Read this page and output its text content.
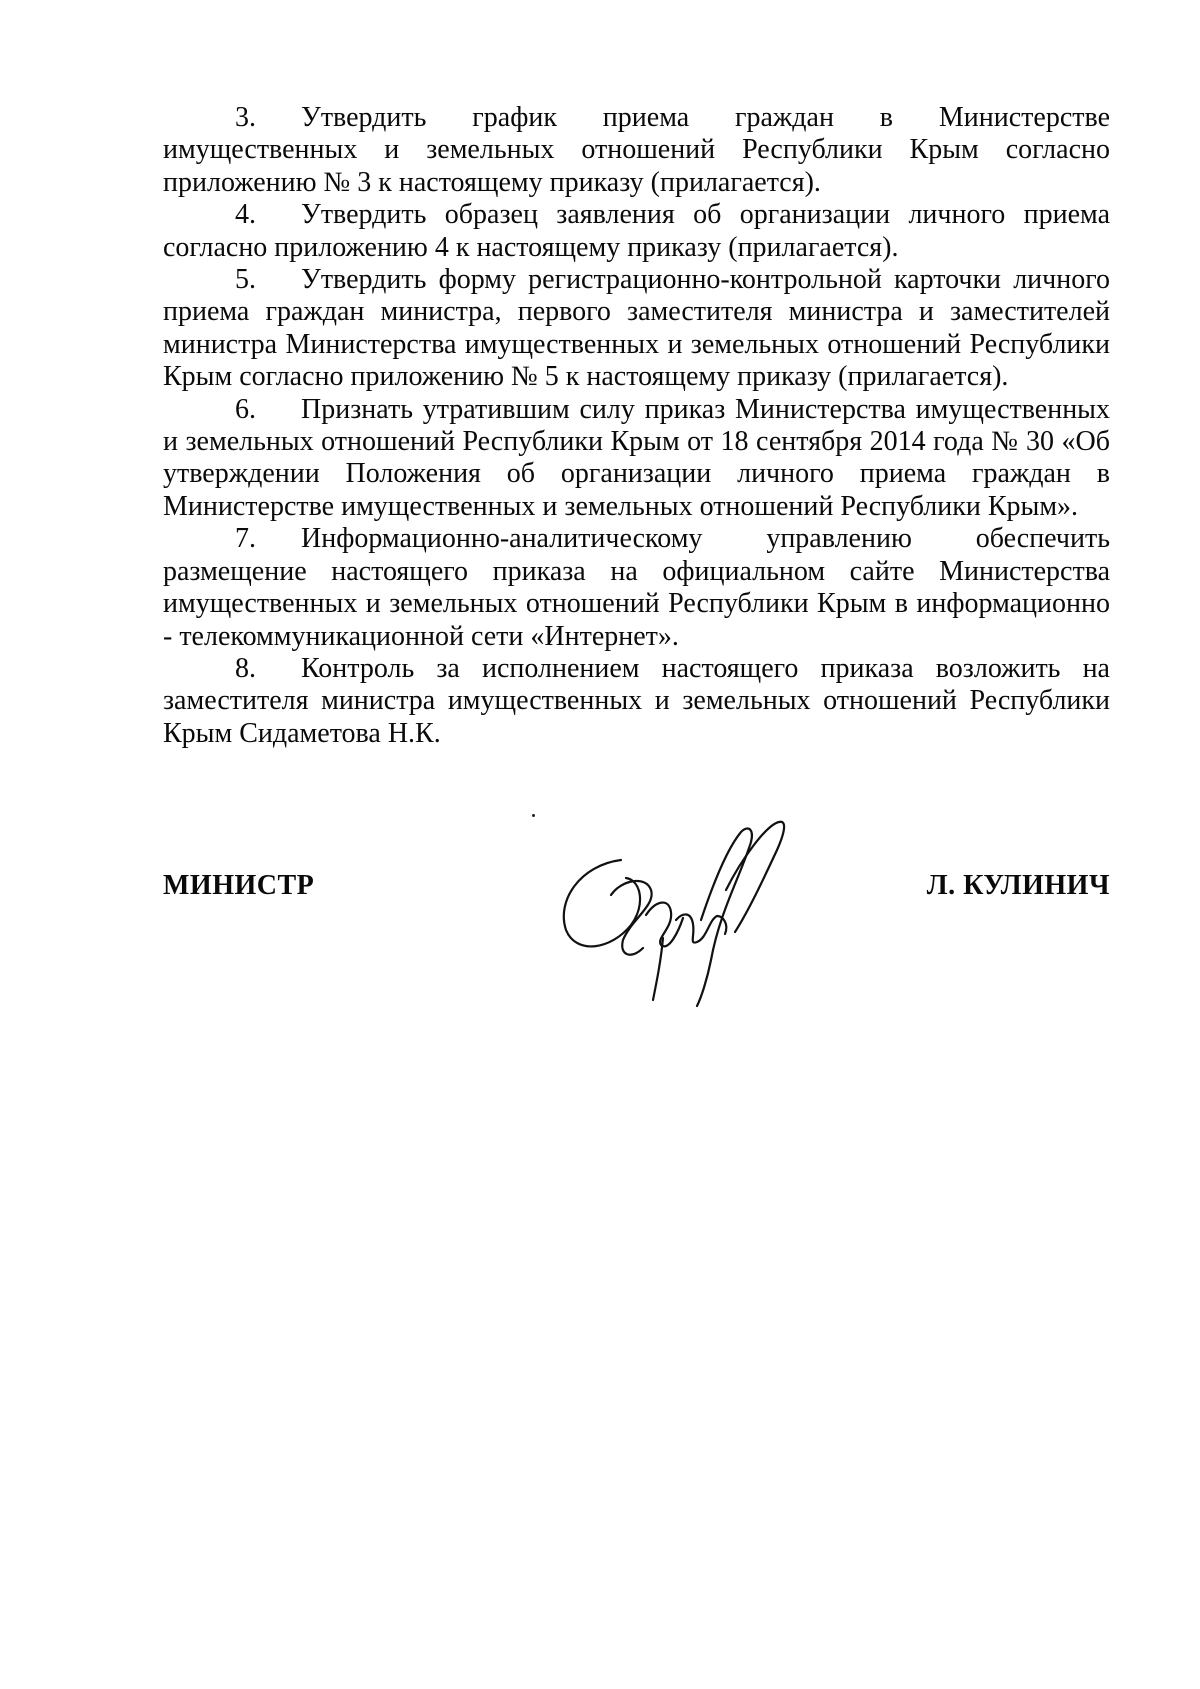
3. Утвердить график приема граждан в Министерстве имущественных и земельных отношений Республики Крым согласно приложению № 3 к настоящему приказу (прилагается).

4. Утвердить образец заявления об организации личного приема согласно приложению 4 к настоящему приказу (прилагается).

5. Утвердить форму регистрационно-контрольной карточки личного приема граждан министра, первого заместителя министра и заместителей министра Министерства имущественных и земельных отношений Республики Крым согласно приложению № 5 к настоящему приказу (прилагается).

6. Признать утратившим силу приказ Министерства имущественных и земельных отношений Республики Крым от 18 сентября 2014 года № 30 «Об утверждении Положения об организации личного приема граждан в Министерстве имущественных и земельных отношений Республики Крым».

7. Информационно-аналитическому управлению обеспечить размещение настоящего приказа на официальном сайте Министерства имущественных и земельных отношений Республики Крым в информационно - телекоммуникационной сети «Интернет».

8. Контроль за исполнением настоящего приказа возложить на заместителя министра имущественных и земельных отношений Республики Крым Сидаметова Н.К.

МИНИСТР	Л. КУЛИНИЧ
